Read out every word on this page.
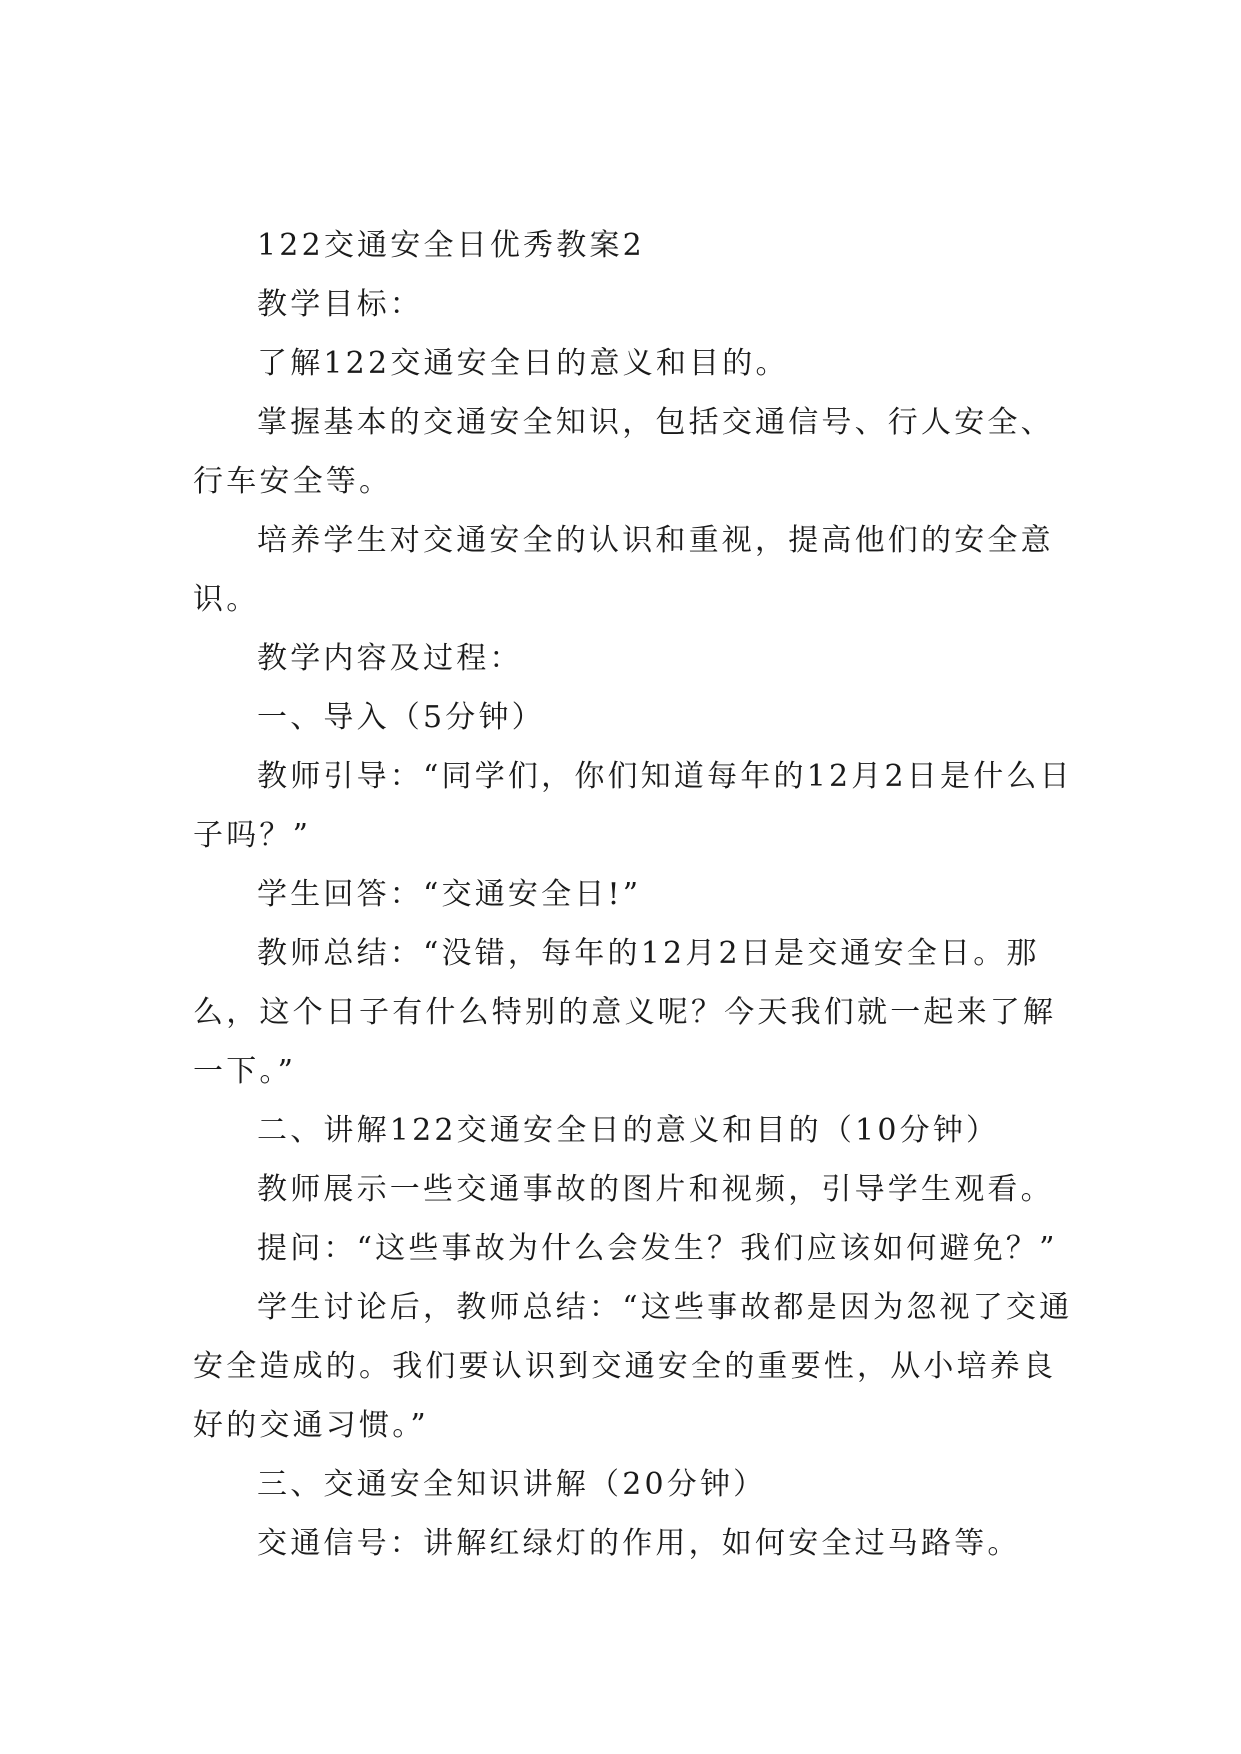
122交通安全日优秀教案2

教学目标：

了解122交通安全日的意义和目的。

掌握基本的交通安全知识，包括交通信号、行人安全、行车安全等。

培养学生对交通安全的认识和重视，提高他们的安全意识。

教学内容及过程：

一、导入（5分钟）

教师引导：“同学们，你们知道每年的12月2日是什么日子吗？”

学生回答：“交通安全日!”

教师总结：“没错，每年的12月2日是交通安全日。那么，这个日子有什么特别的意义呢？今天我们就一起来了解一下。”

二、讲解122交通安全日的意义和目的（10分钟）

教师展示一些交通事故的图片和视频，引导学生观看。

提问：“这些事故为什么会发生？我们应该如何避免？”

学生讨论后，教师总结：“这些事故都是因为忽视了交通安全造成的。我们要认识到交通安全的重要性，从小培养良好的交通习惯。”

三、交通安全知识讲解（20分钟）

交通信号：讲解红绿灯的作用，如何安全过马路等。
